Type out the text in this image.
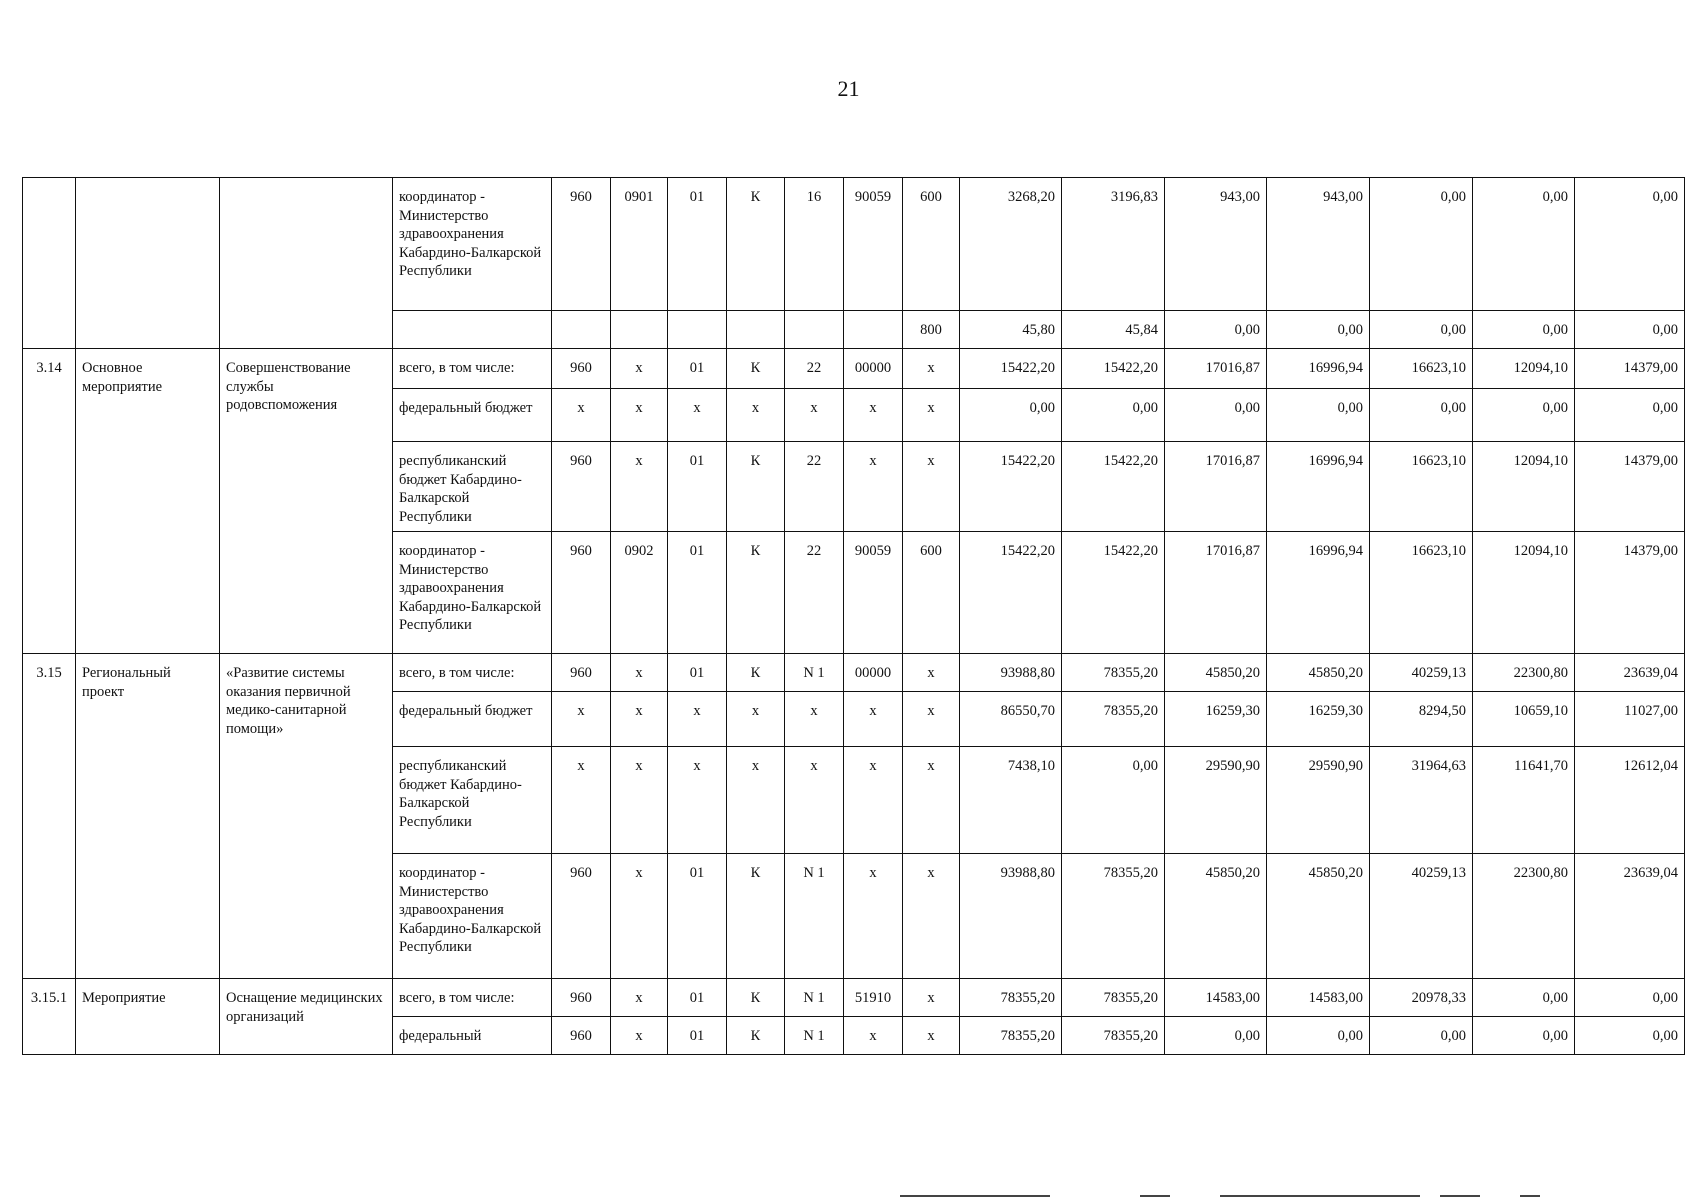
21
			координатор - Министерство здравоохранения Кабардино-Балкарской Республики	960	0901	01	К	16	90059	600	3268,20	3196,83	943,00	943,00	0,00	0,00	0,00
										800	45,80	45,84	0,00	0,00	0,00	0,00	0,00
3.14	Основное мероприятие	Совершенствование службы родовспоможения	всего, в том числе:	960	х	01	К	22	00000	х	15422,20	15422,20	17016,87	16996,94	16623,10	12094,10	14379,00
			федеральный бюджет	х	х	х	х	х	х	х	0,00	0,00	0,00	0,00	0,00	0,00	0,00
			республиканский бюджет Кабардино-Балкарской Республики	960	х	01	К	22	х	х	15422,20	15422,20	17016,87	16996,94	16623,10	12094,10	14379,00
			координатор - Министерство здравоохранения Кабардино-Балкарской Республики	960	0902	01	К	22	90059	600	15422,20	15422,20	17016,87	16996,94	16623,10	12094,10	14379,00
3.15	Региональный проект	«Развитие системы оказания первичной медико-санитарной помощи»	всего, в том числе:	960	х	01	К	N 1	00000	х	93988,80	78355,20	45850,20	45850,20	40259,13	22300,80	23639,04
			федеральный бюджет	х	х	х	х	х	х	х	86550,70	78355,20	16259,30	16259,30	8294,50	10659,10	11027,00
			республиканский бюджет Кабардино-Балкарской Республики	х	х	х	х	х	х	х	7438,10	0,00	29590,90	29590,90	31964,63	11641,70	12612,04
			координатор - Министерство здравоохранения Кабардино-Балкарской Республики	960	х	01	К	N 1	х	х	93988,80	78355,20	45850,20	45850,20	40259,13	22300,80	23639,04
3.15.1	Мероприятие	Оснащение медицинских организаций	всего, в том числе:	960	х	01	К	N 1	51910	х	78355,20	78355,20	14583,00	14583,00	20978,33	0,00	0,00
			федеральный	960	х	01	К	N 1	х	х	78355,20	78355,20	0,00	0,00	0,00	0,00	0,00
